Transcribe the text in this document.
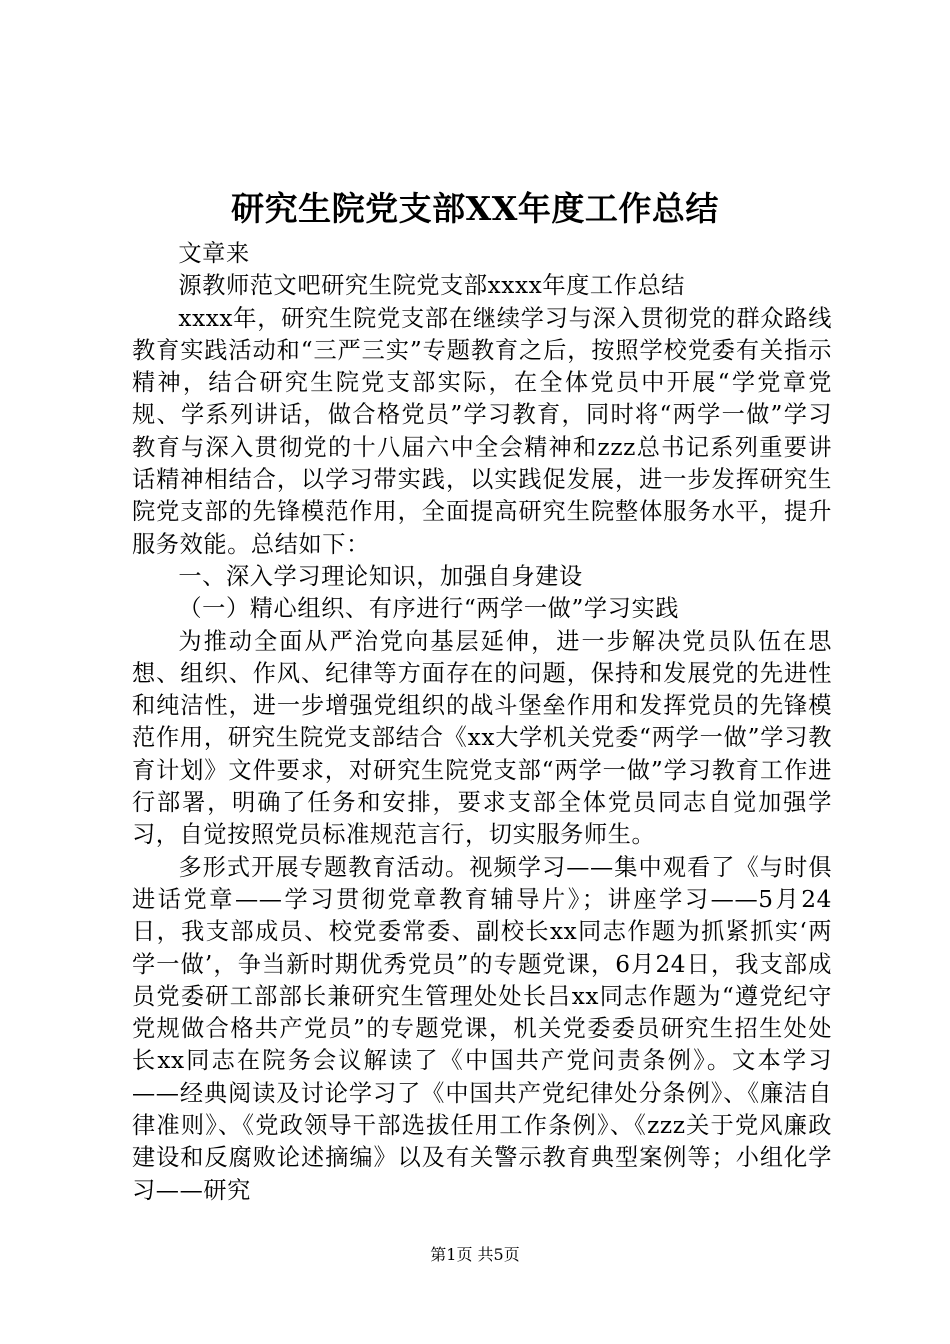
研究生院党支部XX年度工作总结

文章来

源教师范文吧研究生院党支部xxxx年度工作总结

xxxx年，研究生院党支部在继续学习与深入贯彻党的群众路线教育实践活动和“三严三实”专题教育之后，按照学校党委有关指示精神，结合研究生院党支部实际，在全体党员中开展“学党章党规、学系列讲话，做合格党员”学习教育，同时将“两学一做”学习教育与深入贯彻党的十八届六中全会精神和zzz总书记系列重要讲话精神相结合，以学习带实践，以实践促发展，进一步发挥研究生院党支部的先锋模范作用，全面提高研究生院整体服务水平，提升服务效能。总结如下：

一、深入学习理论知识，加强自身建设

（一）精心组织、有序进行“两学一做”学习实践

为推动全面从严治党向基层延伸，进一步解决党员队伍在思想、组织、作风、纪律等方面存在的问题，保持和发展党的先进性和纯洁性，进一步增强党组织的战斗堡垒作用和发挥党员的先锋模范作用，研究生院党支部结合《xx大学机关党委“两学一做”学习教育计划》文件要求，对研究生院党支部“两学一做”学习教育工作进行部署，明确了任务和安排，要求支部全体党员同志自觉加强学习，自觉按照党员标准规范言行，切实服务师生。

多形式开展专题教育活动。视频学习——集中观看了《与时俱进话党章——学习贯彻党章教育辅导片》；讲座学习——5月24日，我支部成员、校党委常委、副校长xx同志作题为抓紧抓实‘两学一做’，争当新时期优秀党员”的专题党课，6月24日，我支部成员党委研工部部长兼研究生管理处处长吕xx同志作题为“遵党纪守党规做合格共产党员”的专题党课，机关党委委员研究生招生处处长xx同志在院务会议解读了《中国共产党问责条例》。文本学习——经典阅读及讨论学习了《中国共产党纪律处分条例》、《廉洁自律准则》、《党政领导干部选拔任用工作条例》、《zzz关于党风廉政建设和反腐败论述摘编》以及有关警示教育典型案例等；小组化学习——研究

第1页 共5页
